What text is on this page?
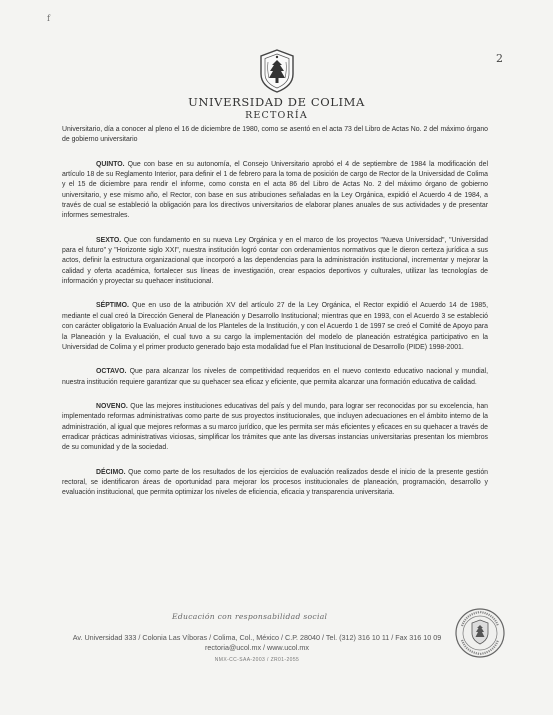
f
2
UNIVERSIDAD DE COLIMA
RECTORÍA

Universitario, día a conocer al pleno el 16 de diciembre de 1980, como se asentó en el acta 73 del Libro de Actas No. 2 del máximo órgano de gobierno universitario

QUINTO. Que con base en su autonomía, el Consejo Universitario aprobó el 4 de septiembre de 1984 la modificación del artículo 18 de su Reglamento Interior, para definir el 1 de febrero para la toma de posición de cargo de Rector de la Universidad de Colima y el 15 de diciembre para rendir el informe, como consta en el acta 86 del Libro de Actas No. 2 del máximo órgano de gobierno universitario, y ese mismo año, el Rector, con base en sus atribuciones señaladas en la Ley Orgánica, expidió el Acuerdo 4 de 1984, a través de cual se estableció la obligación para los directivos universitarios de elaborar planes anuales de sus actividades y de presentar informes semestrales.

SEXTO. Que con fundamento en su nueva Ley Orgánica y en el marco de los proyectos "Nueva Universidad", "Universidad para el futuro" y "Horizonte siglo XXI", nuestra institución logró contar con ordenamientos normativos que le dieron certeza jurídica a sus actos, definir la estructura organizacional que incorporó a las dependencias para la administración institucional, incrementar y mejorar la calidad y oferta académica, fortalecer sus líneas de investigación, crear espacios deportivos y culturales, utilizar las tecnologías de información y proyectar su quehacer institucional.

SÉPTIMO. Que en uso de la atribución XV del artículo 27 de la Ley Orgánica, el Rector expidió el Acuerdo 14 de 1985, mediante el cual creó la Dirección General de Planeación y Desarrollo Institucional; mientras que en 1993, con el Acuerdo 3 se estableció con carácter obligatorio la Evaluación Anual de los Planteles de la Institución, y con el Acuerdo 1 de 1997 se creó el Comité de Apoyo para la Planeación y la Evaluación, el cual tuvo a su cargo la implementación del modelo de planeación estratégica participativo en la Universidad de Colima y el primer producto generado bajo esta modalidad fue el Plan Institucional de Desarrollo (PIDE) 1998-2001.

OCTAVO. Que para alcanzar los niveles de competitividad requeridos en el nuevo contexto educativo nacional y mundial, nuestra institución requiere garantizar que su quehacer sea eficaz y eficiente, que permita alcanzar una formación educativa de calidad.

NOVENO. Que las mejores instituciones educativas del país y del mundo, para lograr ser reconocidas por su excelencia, han implementado reformas administrativas como parte de sus proyectos institucionales, que incluyen adecuaciones en el ámbito interno de la administración, al igual que mejores reformas a su marco jurídico, que les permita ser más eficientes y eficaces en su quehacer a través de erradicar prácticas administrativas viciosas, simplificar los trámites que ante las diversas instancias universitarias presentan los miembros de su comunidad y de la sociedad.

DÉCIMO. Que como parte de los resultados de los ejercicios de evaluación realizados desde el inicio de la presente gestión rectoral, se identificaron áreas de oportunidad para mejorar los procesos institucionales de planeación, programación, desarrollo y evaluación institucional, que permita optimizar los niveles de eficiencia, eficacia y transparencia universitaria.

Educación con responsabilidad social
Av. Universidad 333 / Colonia Las Víboras / Colima, Col., México / C.P. 28040 / Tel. (312) 316 10 11 / Fax 316 10 09
rectoria@ucol.mx / www.ucol.mx
NMX-CC-SAA-2003 / ZR01-2055
